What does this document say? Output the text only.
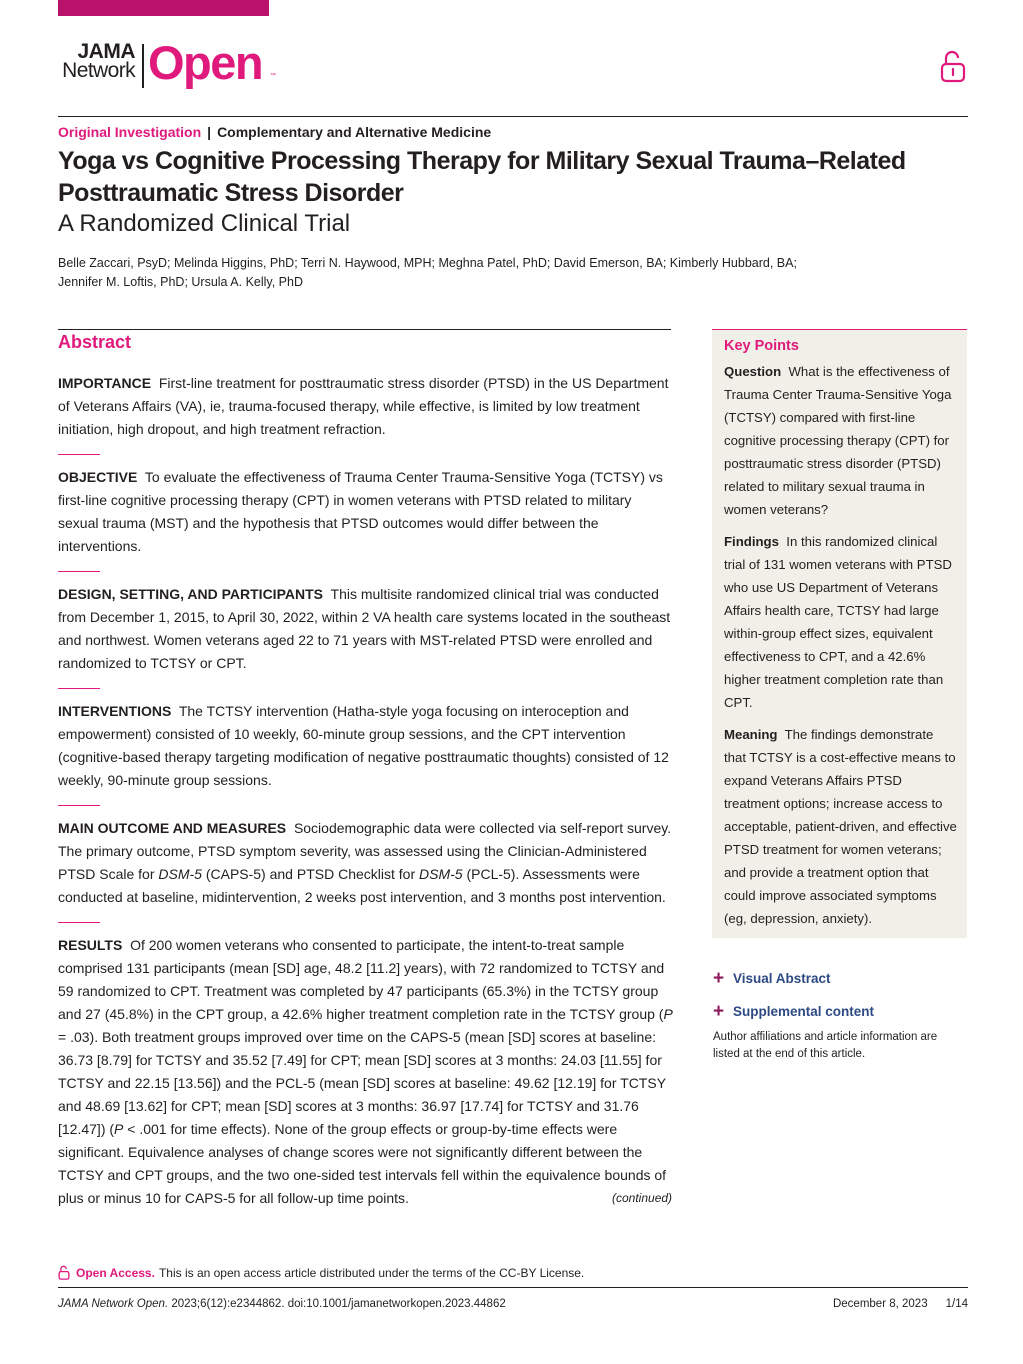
JAMA
Network Open ™
Original Investigation | Complementary and Alternative Medicine
Yoga vs Cognitive Processing Therapy for Military Sexual Trauma–Related Posttraumatic Stress Disorder
A Randomized Clinical Trial
Belle Zaccari, PsyD; Melinda Higgins, PhD; Terri N. Haywood, MPH; Meghna Patel, PhD; David Emerson, BA; Kimberly Hubbard, BA; Jennifer M. Loftis, PhD; Ursula A. Kelly, PhD
Abstract

IMPORTANCE First-line treatment for posttraumatic stress disorder (PTSD) in the US Department of Veterans Affairs (VA), ie, trauma-focused therapy, while effective, is limited by low treatment initiation, high dropout, and high treatment refraction.

OBJECTIVE To evaluate the effectiveness of Trauma Center Trauma-Sensitive Yoga (TCTSY) vs first-line cognitive processing therapy (CPT) in women veterans with PTSD related to military sexual trauma (MST) and the hypothesis that PTSD outcomes would differ between the interventions.

DESIGN, SETTING, AND PARTICIPANTS This multisite randomized clinical trial was conducted from December 1, 2015, to April 30, 2022, within 2 VA health care systems located in the southeast and northwest. Women veterans aged 22 to 71 years with MST-related PTSD were enrolled and randomized to TCTSY or CPT.

INTERVENTIONS The TCTSY intervention (Hatha-style yoga focusing on interoception and empowerment) consisted of 10 weekly, 60-minute group sessions, and the CPT intervention (cognitive-based therapy targeting modification of negative posttraumatic thoughts) consisted of 12 weekly, 90-minute group sessions.

MAIN OUTCOME AND MEASURES Sociodemographic data were collected via self-report survey. The primary outcome, PTSD symptom severity, was assessed using the Clinician-Administered PTSD Scale for DSM-5 (CAPS-5) and PTSD Checklist for DSM-5 (PCL-5). Assessments were conducted at baseline, midintervention, 2 weeks post intervention, and 3 months post intervention.

RESULTS Of 200 women veterans who consented to participate, the intent-to-treat sample comprised 131 participants (mean [SD] age, 48.2 [11.2] years), with 72 randomized to TCTSY and 59 randomized to CPT. Treatment was completed by 47 participants (65.3%) in the TCTSY group and 27 (45.8%) in the CPT group, a 42.6% higher treatment completion rate in the TCTSY group (P = .03). Both treatment groups improved over time on the CAPS-5 (mean [SD] scores at baseline: 36.73 [8.79] for TCTSY and 35.52 [7.49] for CPT; mean [SD] scores at 3 months: 24.03 [11.55] for TCTSY and 22.15 [13.56]) and the PCL-5 (mean [SD] scores at baseline: 49.62 [12.19] for TCTSY and 48.69 [13.62] for CPT; mean [SD] scores at 3 months: 36.97 [17.74] for TCTSY and 31.76 [12.47]) (P < .001 for time effects). None of the group effects or group-by-time effects were significant. Equivalence analyses of change scores were not significantly different between the TCTSY and CPT groups, and the two one-sided test intervals fell within the equivalence bounds of plus or minus 10 for CAPS-5 for all follow-up time points.	(continued)
Key Points

Question What is the effectiveness of Trauma Center Trauma-Sensitive Yoga (TCTSY) compared with first-line cognitive processing therapy (CPT) for posttraumatic stress disorder (PTSD) related to military sexual trauma in women veterans?

Findings In this randomized clinical trial of 131 women veterans with PTSD who use US Department of Veterans Affairs health care, TCTSY had large within-group effect sizes, equivalent effectiveness to CPT, and a 42.6% higher treatment completion rate than CPT.

Meaning The findings demonstrate that TCTSY is a cost-effective means to expand Veterans Affairs PTSD treatment options; increase access to acceptable, patient-driven, and effective PTSD treatment for women veterans; and provide a treatment option that could improve associated symptoms (eg, depression, anxiety).

+ Visual Abstract
+ Supplemental content
Author affiliations and article information are listed at the end of this article.
Open Access. This is an open access article distributed under the terms of the CC-BY License.
JAMA Network Open. 2023;6(12):e2344862. doi:10.1001/jamanetworkopen.2023.44862	December 8, 2023 1/14
